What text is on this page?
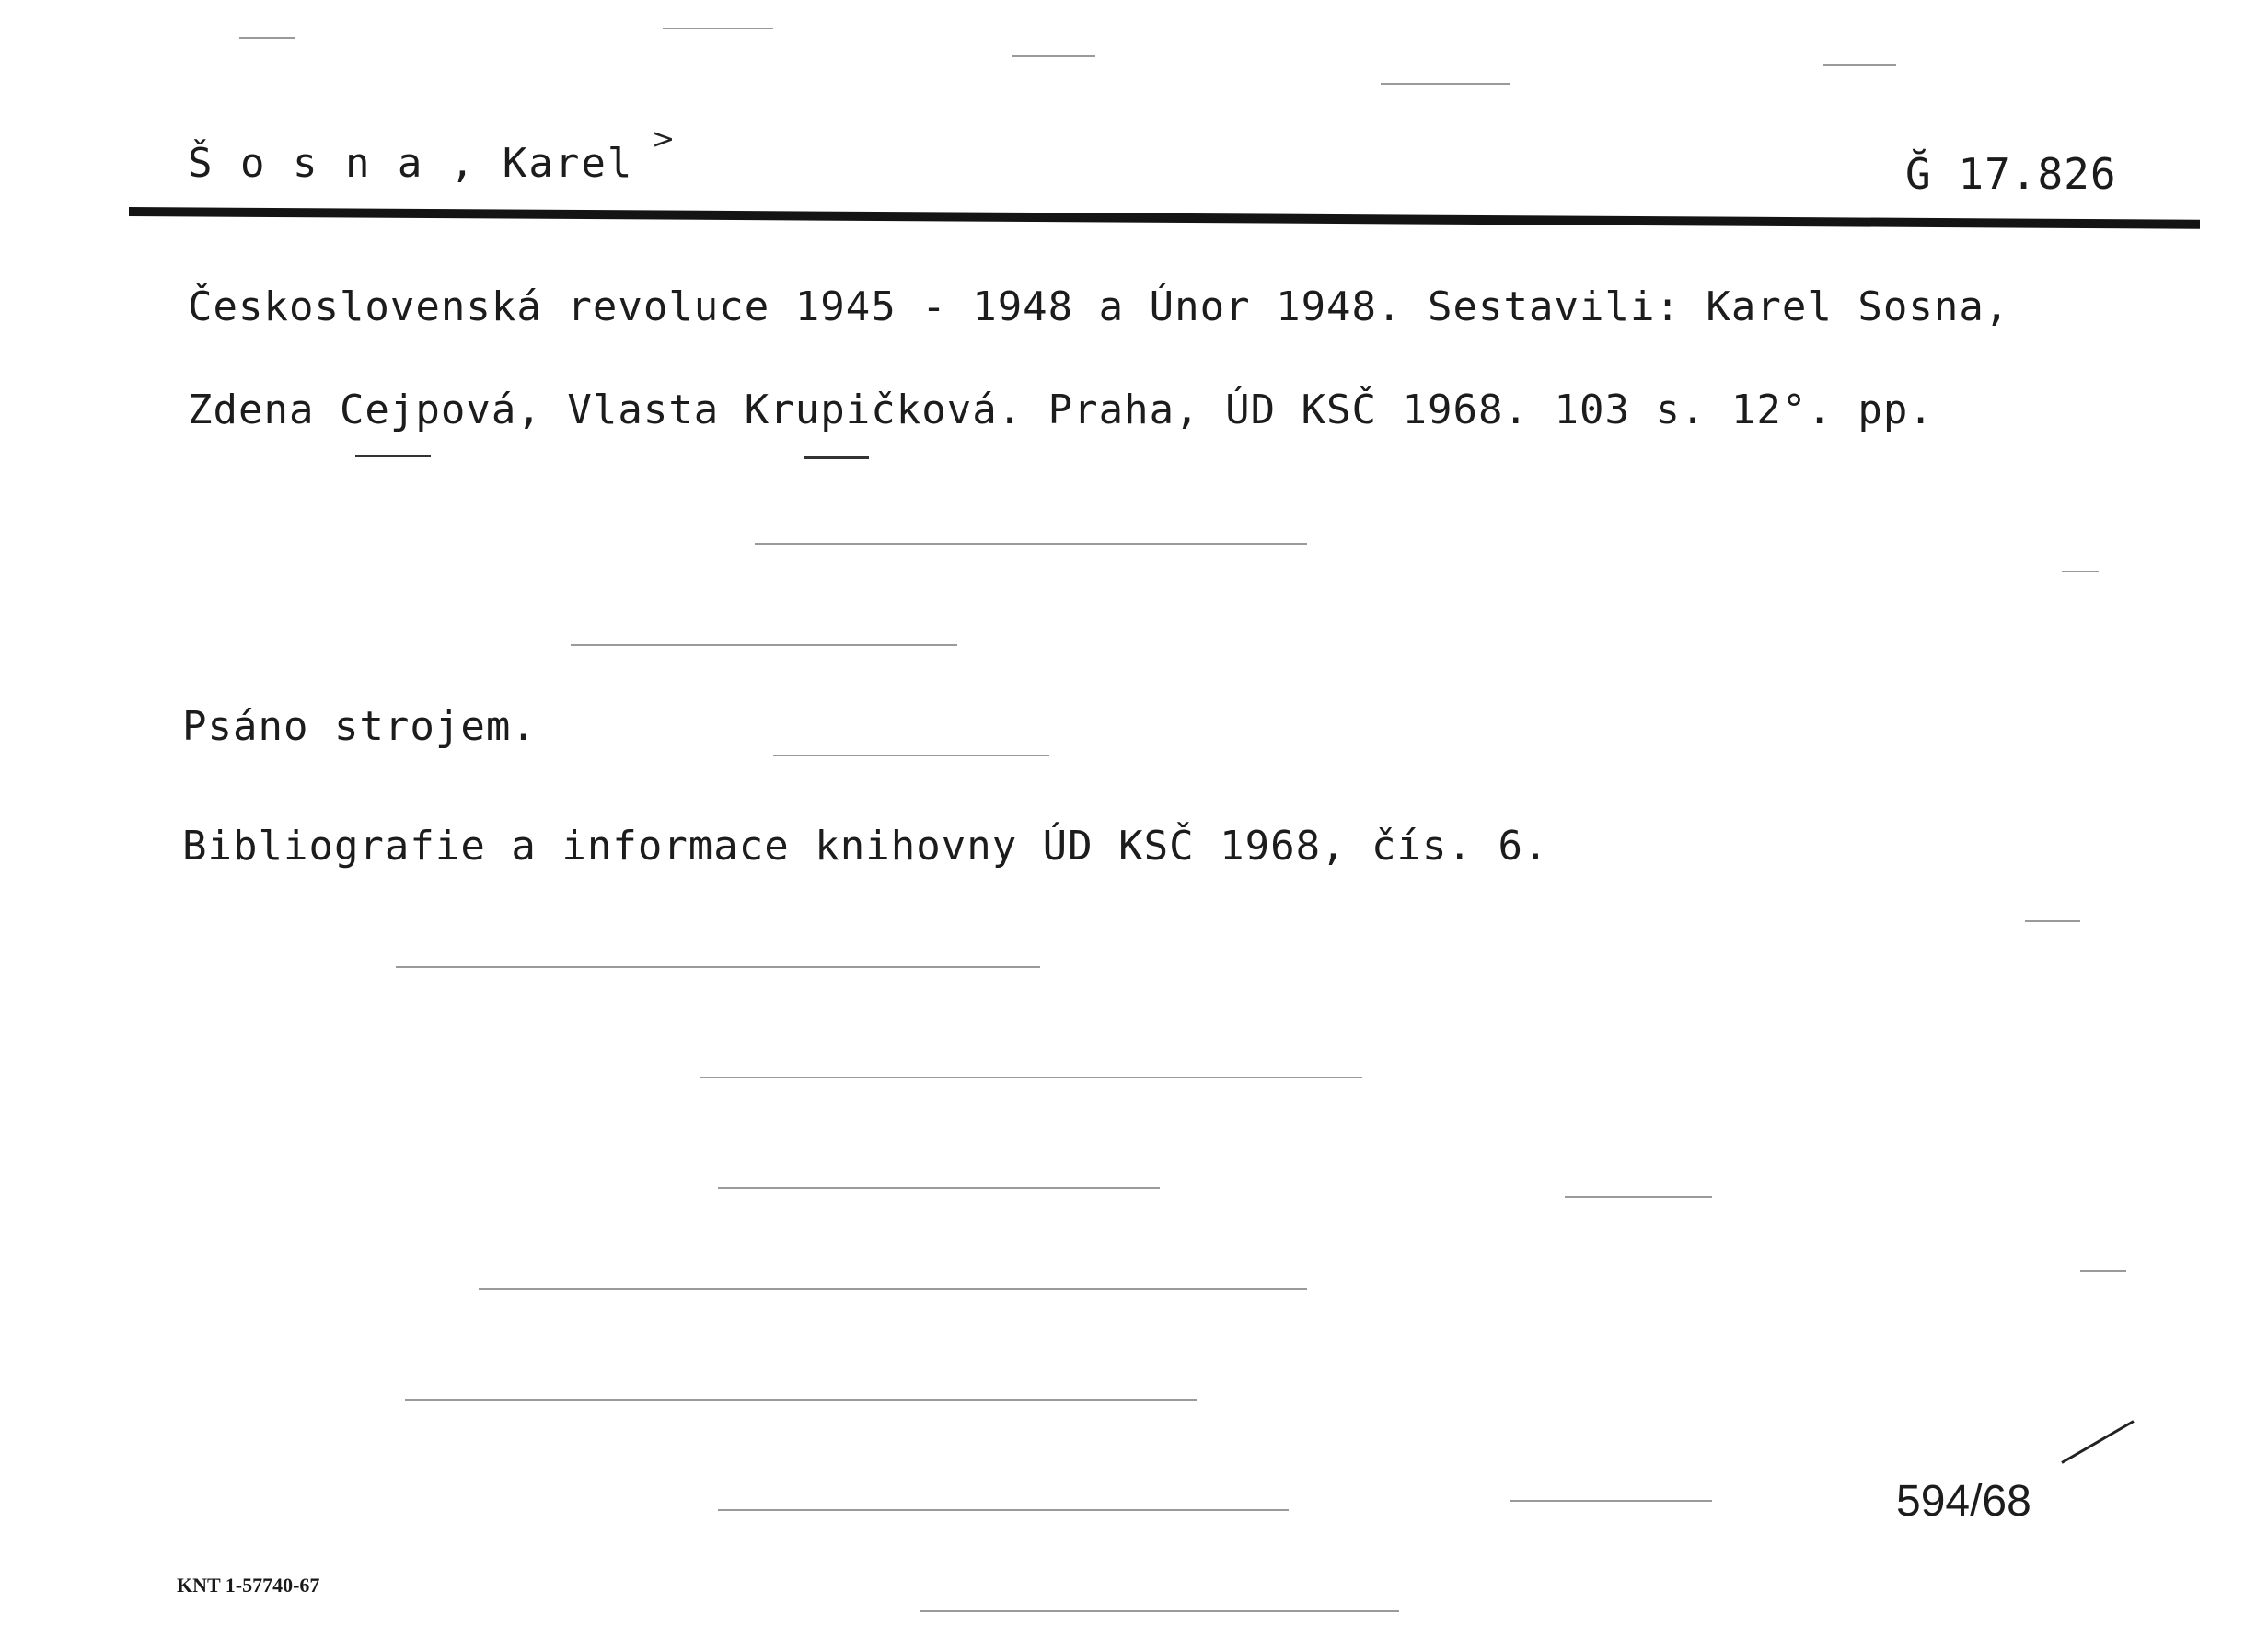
Š o s n a , Karel
>
Ğ 17.826
Československá revoluce 1945 - 1948 a Únor 1948. Sestavili: Karel Sosna,
Zdena Cejpová, Vlasta Krupičková. Praha, ÚD KSČ 1968. 103 s. 12°. pp.
Psáno strojem.
Bibliografie a informace knihovny ÚD KSČ 1968, čís. 6.
594/68
KNT 1-57740-67
